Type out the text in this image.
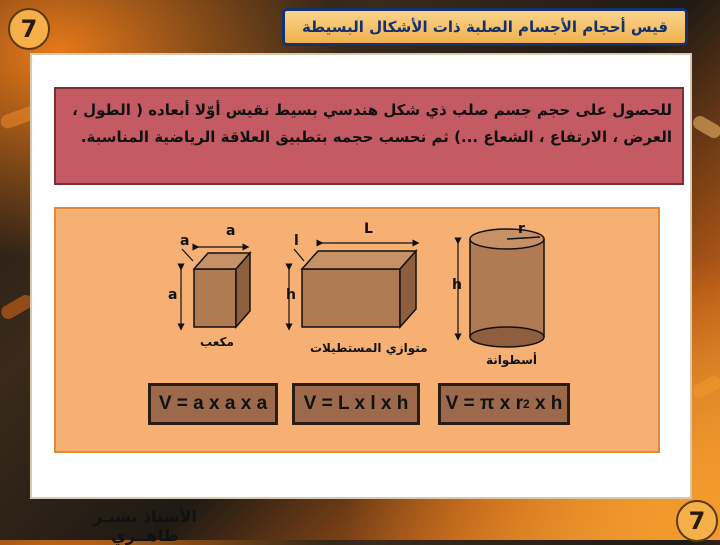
7
7
قيس أحجام الأجسام الصلبة ذات الأشكال البسيطة
للحصول على حجم جسم صلب ذي شكل هندسي بسيط نقيس أوّلا أبعاده ( الطول ، العرض ، الارتفاع ، الشعاع ...) ثم نحسب حجمه بتطبيق العلاقة الرياضية المناسبة.
a
a
a
L
l
h
r
h
مكعب	متوازي المستطيلات
أسطوانة
V = a x a x a V = L x l x h V = π x r 2 x h
الأستاذ بشيـر ظاهــري
